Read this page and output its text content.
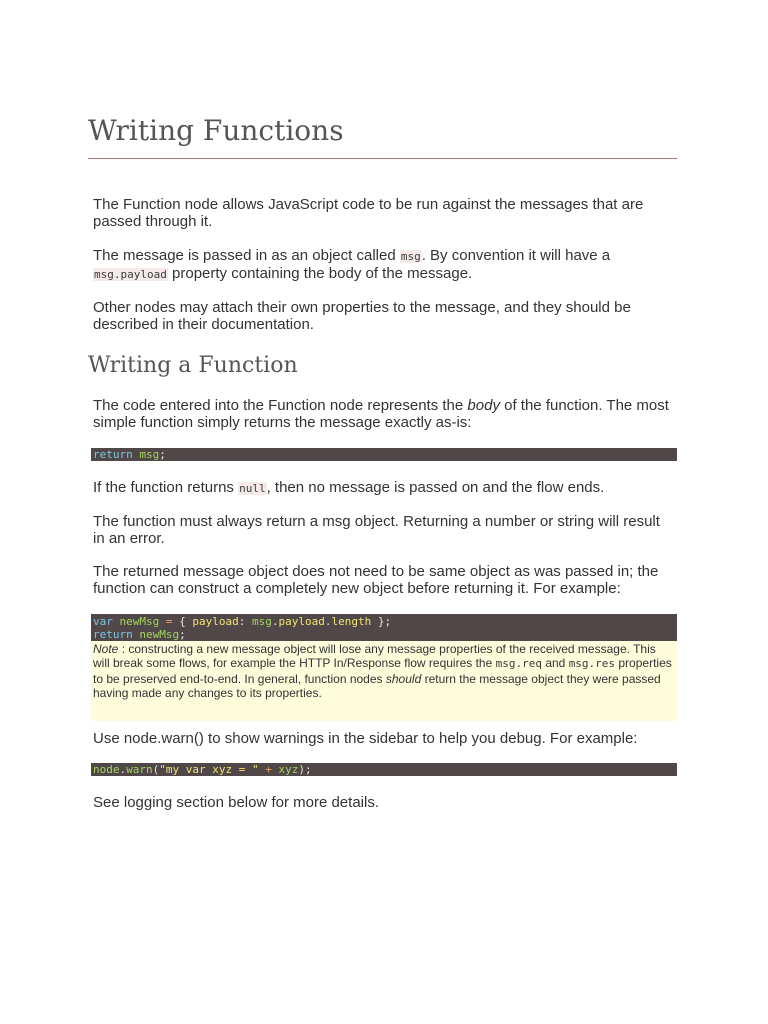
Writing Functions

The Function node allows JavaScript code to be run against the messages that are passed through it.

The message is passed in as an object called msg. By convention it will have a msg.payload property containing the body of the message.

Other nodes may attach their own properties to the message, and they should be described in their documentation.

Writing a Function

The code entered into the Function node represents the body of the function. The most simple function simply returns the message exactly as-is:

return msg;

If the function returns null, then no message is passed on and the flow ends.

The function must always return a msg object. Returning a number or string will result in an error.

The returned message object does not need to be same object as was passed in; the function can construct a completely new object before returning it. For example:

var newMsg = { payload: msg.payload.length };
return newMsg;
Note : constructing a new message object will lose any message properties of the received message. This will break some flows, for example the HTTP In/Response flow requires the msg.req and msg.res properties to be preserved end-to-end. In general, function nodes should return the message object they were passed having made any changes to its properties.

Use node.warn() to show warnings in the sidebar to help you debug. For example:

node.warn("my var xyz = " + xyz);

See logging section below for more details.
